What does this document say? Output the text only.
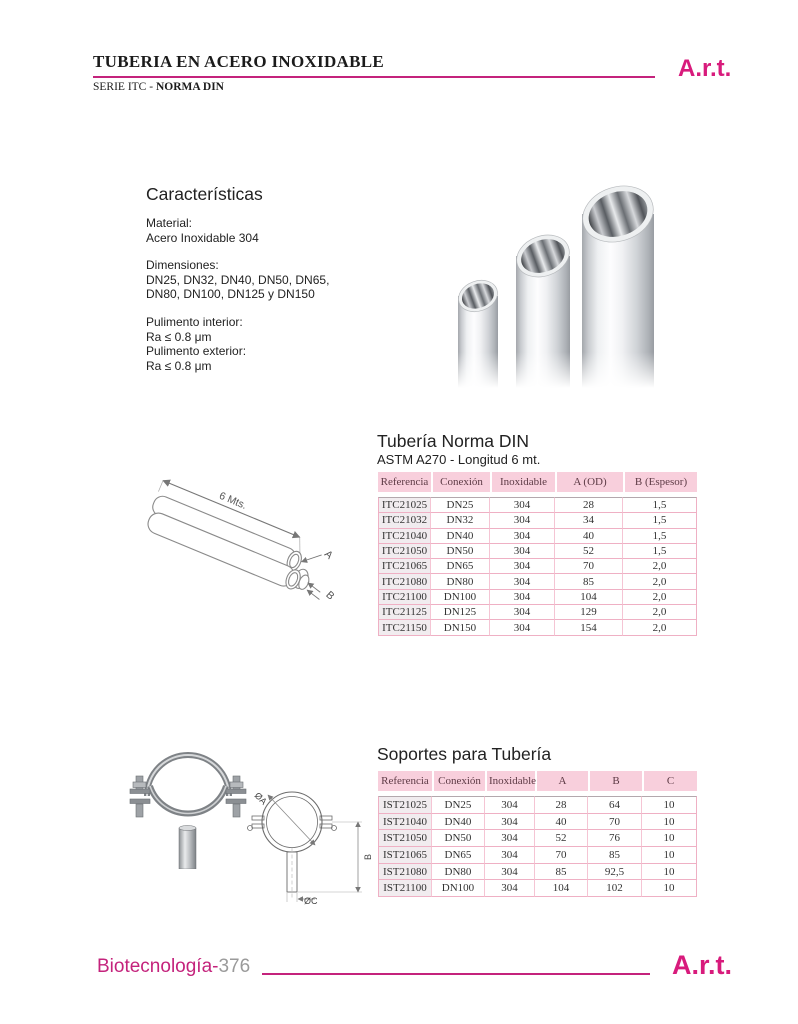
TUBERIA EN ACERO INOXIDABLE
SERIE ITC - NORMA DIN
A.r.t.
Características

Material:

Acero Inoxidable 304

Dimensiones:

DN25, DN32, DN40, DN50, DN65,

DN80, DN100, DN125 y DN150

Pulimento interior:

Ra ≤ 0.8 μm

Pulimento exterior:

Ra ≤ 0.8 μm

Tubería Norma DIN
ASTM A270 - Longitud 6 mt.
Referencia	Conexión	Inoxidable	A (OD)	B (Espesor)
ITC21025	DN25	304	28	1,5
ITC21032	DN32	304	34	1,5
ITC21040	DN40	304	40	1,5
ITC21050	DN50	304	52	1,5
ITC21065	DN65	304	70	2,0
ITC21080	DN80	304	85	2,0
ITC21100	DN100	304	104	2,0
ITC21125	DN125	304	129	2,0
ITC21150	DN150	304	154	2,0
6 Mts.
A
B
ØA
B
ØC
Soportes para Tubería
Referencia	Conexión	Inoxidable	A	B	C
IST21025	DN25	304	28	64	10
IST21040	DN40	304	40	70	10
IST21050	DN50	304	52	76	10
IST21065	DN65	304	70	85	10
IST21080	DN80	304	85	92,5	10
IST21100	DN100	304	104	102	10
Biotecnología-376	A.r.t.
